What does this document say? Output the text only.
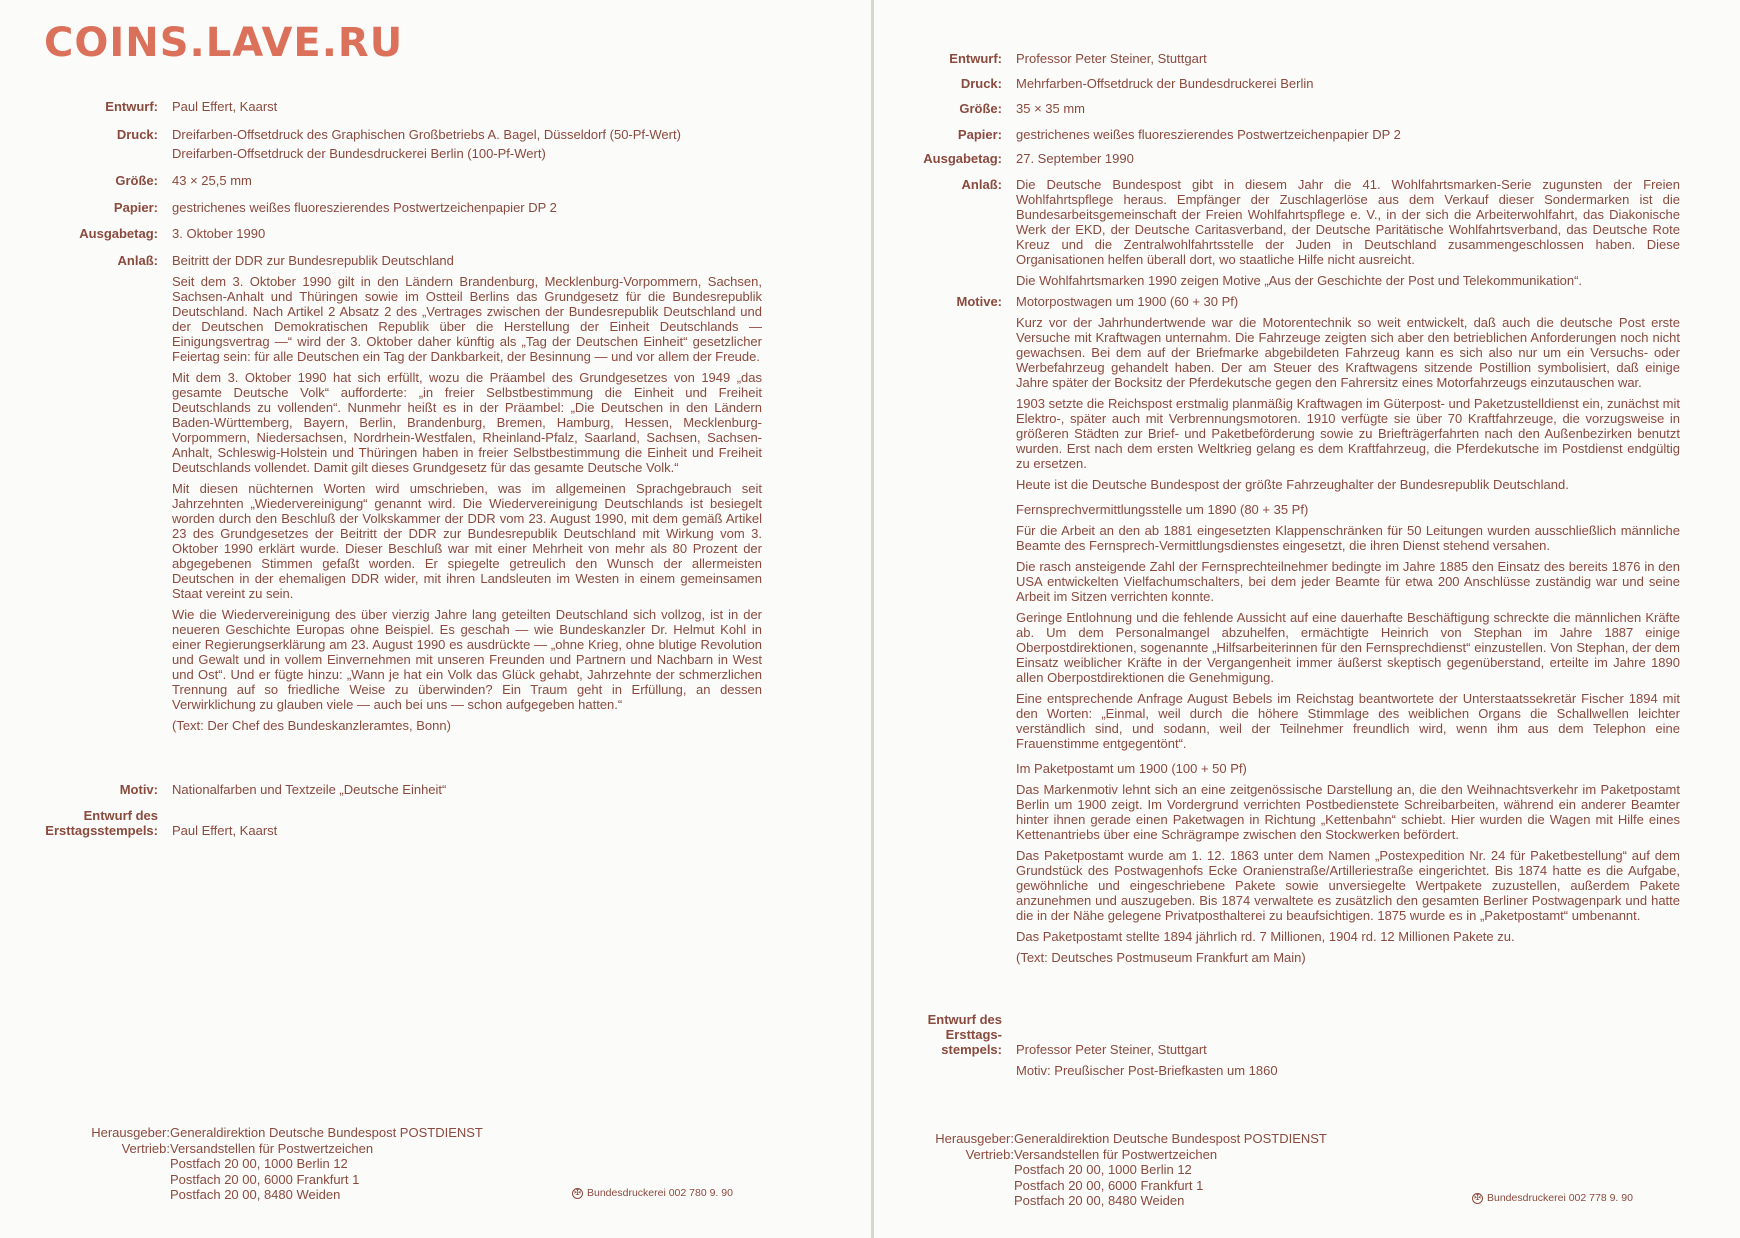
COINS.LAVE.RU
Entwurf:	Paul Effert, Kaarst
Druck:	Dreifarben-Offsetdruck des Graphischen Großbetriebs A. Bagel, Düsseldorf (50-Pf-Wert)
Dreifarben-Offsetdruck der Bundesdruckerei Berlin (100-Pf-Wert)
Größe:	43 × 25,5 mm
Papier:	gestrichenes weißes fluoreszierendes Postwertzeichenpapier DP 2
Ausgabetag:	3. Oktober 1990
Anlaß:	Beitritt der DDR zur Bundesrepublik Deutschland

Seit dem 3. Oktober 1990 gilt in den Ländern Brandenburg, Mecklenburg-Vorpommern, Sachsen, Sachsen-Anhalt und Thüringen sowie im Ostteil Berlins das Grundgesetz für die Bundesrepublik Deutschland. Nach Artikel 2 Absatz 2 des „Vertrages zwischen der Bundesrepublik Deutschland und der Deutschen Demokratischen Republik über die Herstellung der Einheit Deutschlands — Einigungsvertrag —“ wird der 3. Oktober daher künftig als „Tag der Deutschen Einheit“ gesetzlicher Feiertag sein: für alle Deutschen ein Tag der Dankbarkeit, der Besinnung — und vor allem der Freude.

Mit dem 3. Oktober 1990 hat sich erfüllt, wozu die Präambel des Grundgesetzes von 1949 „das gesamte Deutsche Volk“ aufforderte: „in freier Selbstbestimmung die Einheit und Freiheit Deutschlands zu vollenden“. Nunmehr heißt es in der Präambel: „Die Deutschen in den Ländern Baden-Württemberg, Bayern, Berlin, Brandenburg, Bremen, Hamburg, Hessen, Mecklenburg-Vorpommern, Niedersachsen, Nordrhein-Westfalen, Rheinland-Pfalz, Saarland, Sachsen, Sachsen-Anhalt, Schleswig-Holstein und Thüringen haben in freier Selbstbestimmung die Einheit und Freiheit Deutschlands vollendet. Damit gilt dieses Grundgesetz für das gesamte Deutsche Volk.“

Mit diesen nüchternen Worten wird umschrieben, was im allgemeinen Sprachgebrauch seit Jahrzehnten „Wiedervereinigung“ genannt wird. Die Wiedervereinigung Deutschlands ist besiegelt worden durch den Beschluß der Volkskammer der DDR vom 23. August 1990, mit dem gemäß Artikel 23 des Grundgesetzes der Beitritt der DDR zur Bundesrepublik Deutschland mit Wirkung vom 3. Oktober 1990 erklärt wurde. Dieser Beschluß war mit einer Mehrheit von mehr als 80 Prozent der abgegebenen Stimmen gefaßt worden. Er spiegelte getreulich den Wunsch der allermeisten Deutschen in der ehemaligen DDR wider, mit ihren Landsleuten im Westen in einem gemeinsamen Staat vereint zu sein.

Wie die Wiedervereinigung des über vierzig Jahre lang geteilten Deutschland sich vollzog, ist in der neueren Geschichte Europas ohne Beispiel. Es geschah — wie Bundeskanzler Dr. Helmut Kohl in einer Regierungserklärung am 23. August 1990 es ausdrückte — „ohne Krieg, ohne blutige Revolution und Gewalt und in vollem Einvernehmen mit unseren Freunden und Partnern und Nachbarn in West und Ost“. Und er fügte hinzu: „Wann je hat ein Volk das Glück gehabt, Jahrzehnte der schmerzlichen Trennung auf so friedliche Weise zu überwinden? Ein Traum geht in Erfüllung, an dessen Verwirklichung zu glauben viele — auch bei uns — schon aufgegeben hatten.“

(Text: Der Chef des Bundeskanzleramtes, Bonn)

Motiv:	Nationalfarben und Textzeile „Deutsche Einheit“
Entwurf des
Ersttagsstempels: Paul Effert, Kaarst
Herausgeber: Generaldirektion Deutsche Bundespost POSTDIENST
Vertrieb: Versandstellen für Postwertzeichen
Postfach 20 00, 1000 Berlin 12
Postfach 20 00, 6000 Frankfurt 1
Postfach 20 00, 8480 Weiden	✠ Bundesdruckerei 002 780 9. 90
Entwurf:	Professor Peter Steiner, Stuttgart
Druck:	Mehrfarben-Offsetdruck der Bundesdruckerei Berlin
Größe:	35 × 35 mm
Papier:	gestrichenes weißes fluoreszierendes Postwertzeichenpapier DP 2
Ausgabetag:	27. September 1990
Anlaß:	Die Deutsche Bundespost gibt in diesem Jahr die 41. Wohlfahrtsmarken-Serie zugunsten der Freien Wohlfahrtspflege heraus. Empfänger der Zuschlagerlöse aus dem Verkauf dieser Sondermarken ist die Bundesarbeitsgemeinschaft der Freien Wohlfahrtspflege e. V., in der sich die Arbeiterwohlfahrt, das Diakonische Werk der EKD, der Deutsche Caritasverband, der Deutsche Paritätische Wohlfahrtsverband, das Deutsche Rote Kreuz und die Zentralwohlfahrtsstelle der Juden in Deutschland zusammengeschlossen haben. Diese Organisationen helfen überall dort, wo staatliche Hilfe nicht ausreicht.

Die Wohlfahrtsmarken 1990 zeigen Motive „Aus der Geschichte der Post und Telekommunikation“.

Motive:	Motorpostwagen um 1900 (60 + 30 Pf)

Kurz vor der Jahrhundertwende war die Motorentechnik so weit entwickelt, daß auch die deutsche Post erste Versuche mit Kraftwagen unternahm. Die Fahrzeuge zeigten sich aber den betrieblichen Anforderungen noch nicht gewachsen. Bei dem auf der Briefmarke abgebildeten Fahrzeug kann es sich also nur um ein Versuchs- oder Werbefahrzeug gehandelt haben. Der am Steuer des Kraftwagens sitzende Postillion symbolisiert, daß einige Jahre später der Bocksitz der Pferdekutsche gegen den Fahrersitz eines Motorfahrzeugs einzutauschen war.

1903 setzte die Reichspost erstmalig planmäßig Kraftwagen im Güterpost- und Paketzustelldienst ein, zunächst mit Elektro-, später auch mit Verbrennungsmotoren. 1910 verfügte sie über 70 Kraftfahrzeuge, die vorzugsweise in größeren Städten zur Brief- und Paketbeförderung sowie zu Briefträgerfahrten nach den Außenbezirken benutzt wurden. Erst nach dem ersten Weltkrieg gelang es dem Kraftfahrzeug, die Pferdekutsche im Postdienst endgültig zu ersetzen.

Heute ist die Deutsche Bundespost der größte Fahrzeughalter der Bundesrepublik Deutschland.

Fernsprechvermittlungsstelle um 1890 (80 + 35 Pf)

Für die Arbeit an den ab 1881 eingesetzten Klappenschränken für 50 Leitungen wurden ausschließlich männliche Beamte des Fernsprech-Vermittlungsdienstes eingesetzt, die ihren Dienst stehend versahen.

Die rasch ansteigende Zahl der Fernsprechteilnehmer bedingte im Jahre 1885 den Einsatz des bereits 1876 in den USA entwickelten Vielfachumschalters, bei dem jeder Beamte für etwa 200 Anschlüsse zuständig war und seine Arbeit im Sitzen verrichten konnte.

Geringe Entlohnung und die fehlende Aussicht auf eine dauerhafte Beschäftigung schreckte die männlichen Kräfte ab. Um dem Personalmangel abzuhelfen, ermächtigte Heinrich von Stephan im Jahre 1887 einige Oberpostdirektionen, sogenannte „Hilfsarbeiterinnen für den Fernsprechdienst“ einzustellen. Von Stephan, der dem Einsatz weiblicher Kräfte in der Vergangenheit immer äußerst skeptisch gegenüberstand, erteilte im Jahre 1890 allen Oberpostdirektionen die Genehmigung.

Eine entsprechende Anfrage August Bebels im Reichstag beantwortete der Unterstaatssekretär Fischer 1894 mit den Worten: „Einmal, weil durch die höhere Stimmlage des weiblichen Organs die Schallwellen leichter verständlich sind, und sodann, weil der Teilnehmer freundlich wird, wenn ihm aus dem Telephon eine Frauenstimme entgegentönt“.

Im Paketpostamt um 1900 (100 + 50 Pf)

Das Markenmotiv lehnt sich an eine zeitgenössische Darstellung an, die den Weihnachtsverkehr im Paketpostamt Berlin um 1900 zeigt. Im Vordergrund verrichten Postbedienstete Schreibarbeiten, während ein anderer Beamter hinter ihnen gerade einen Paketwagen in Richtung „Kettenbahn“ schiebt. Hier wurden die Wagen mit Hilfe eines Kettenantriebs über eine Schrägrampe zwischen den Stockwerken befördert.

Das Paketpostamt wurde am 1. 12. 1863 unter dem Namen „Postexpedition Nr. 24 für Paketbestellung“ auf dem Grundstück des Postwagenhofs Ecke Oranienstraße/Artilleriestraße eingerichtet. Bis 1874 hatte es die Aufgabe, gewöhnliche und eingeschriebene Pakete sowie unversiegelte Wertpakete zuzustellen, außerdem Pakete anzunehmen und auszugeben. Bis 1874 verwaltete es zusätzlich den gesamten Berliner Postwagenpark und hatte die in der Nähe gelegene Privatposthalterei zu beaufsichtigen. 1875 wurde es in „Paketpostamt“ umbenannt.

Das Paketpostamt stellte 1894 jährlich rd. 7 Millionen, 1904 rd. 12 Millionen Pakete zu.

(Text: Deutsches Postmuseum Frankfurt am Main)

Entwurf des
Ersttags-
stempels: Professor Peter Steiner, Stuttgart
Motiv: Preußischer Post-Briefkasten um 1860
Herausgeber: Generaldirektion Deutsche Bundespost POSTDIENST
Vertrieb: Versandstellen für Postwertzeichen
Postfach 20 00, 1000 Berlin 12
Postfach 20 00, 6000 Frankfurt 1
Postfach 20 00, 8480 Weiden	✠ Bundesdruckerei 002 778 9. 90
